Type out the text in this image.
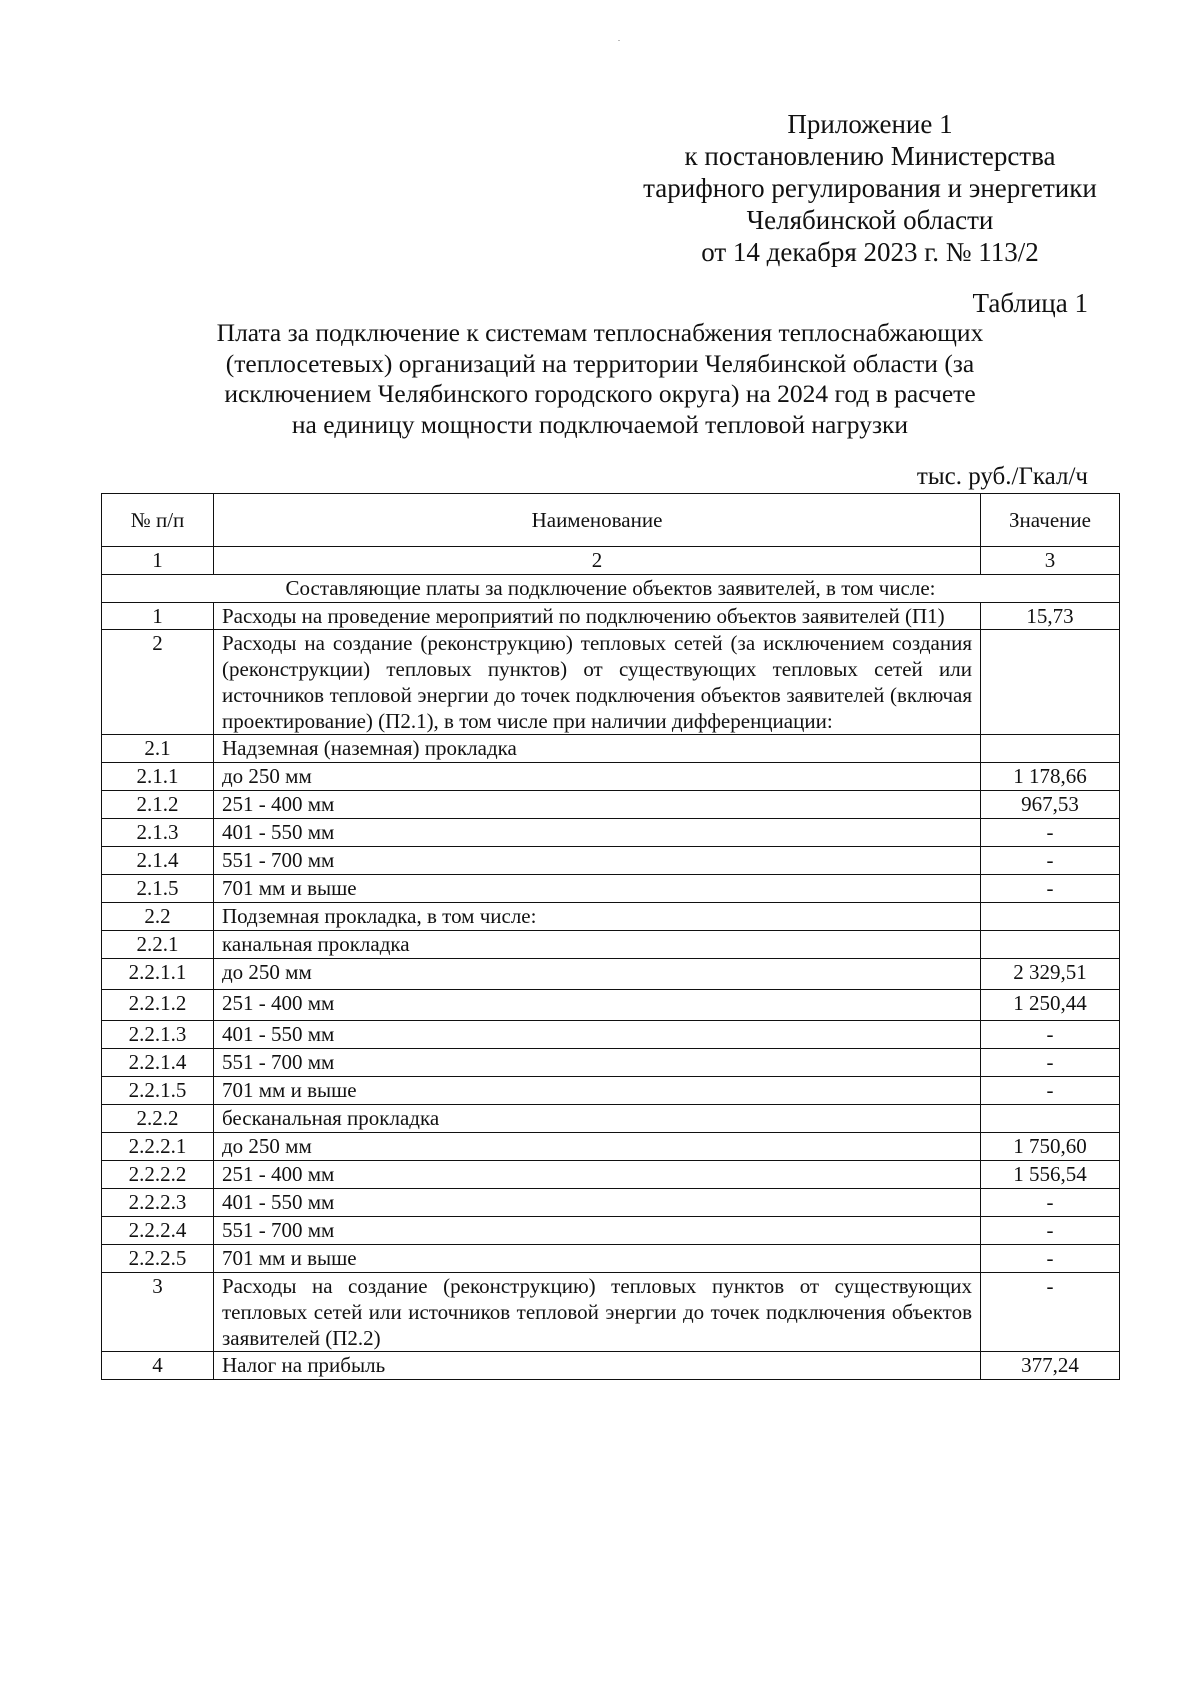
Приложение 1
к постановлению Министерства
тарифного регулирования и энергетики
Челябинской области
от 14 декабря 2023 г. № 113/2
Таблица 1
Плата за подключение к системам теплоснабжения теплоснабжающих
(теплосетевых) организаций на территории Челябинской области (за
исключением Челябинского городского округа) на 2024 год в расчете
на единицу мощности подключаемой тепловой нагрузки
тыс. руб./Гкал/ч
№ п/п	Наименование	Значение
1	2	3
Составляющие платы за подключение объектов заявителей, в том числе:		
1	Расходы на проведение мероприятий по подключению объектов заявителей (П1)	15,73
2	Расходы на создание (реконструкцию) тепловых сетей (за исключением создания (реконструкции) тепловых пунктов) от существующих тепловых сетей или источников тепловой энергии до точек подключения объектов заявителей (включая проектирование) (П2.1), в том числе при наличии дифференциации:	
2.1	Надземная (наземная) прокладка	
2.1.1	до 250 мм	1 178,66
2.1.2	251 - 400 мм	967,53
2.1.3	401 - 550 мм	-
2.1.4	551 - 700 мм	-
2.1.5	701 мм и выше	-
2.2	Подземная прокладка, в том числе:	
2.2.1	канальная прокладка	
2.2.1.1	до 250 мм	2 329,51
2.2.1.2	251 - 400 мм	1 250,44
2.2.1.3	401 - 550 мм	-
2.2.1.4	551 - 700 мм	-
2.2.1.5	701 мм и выше	-
2.2.2	бесканальная прокладка	
2.2.2.1	до 250 мм	1 750,60
2.2.2.2	251 - 400 мм	1 556,54
2.2.2.3	401 - 550 мм	-
2.2.2.4	551 - 700 мм	-
2.2.2.5	701 мм и выше	-
3	Расходы на создание (реконструкцию) тепловых пунктов от существующих тепловых сетей или источников тепловой энергии до точек подключения объектов заявителей (П2.2)	-
4	Налог на прибыль	377,24
